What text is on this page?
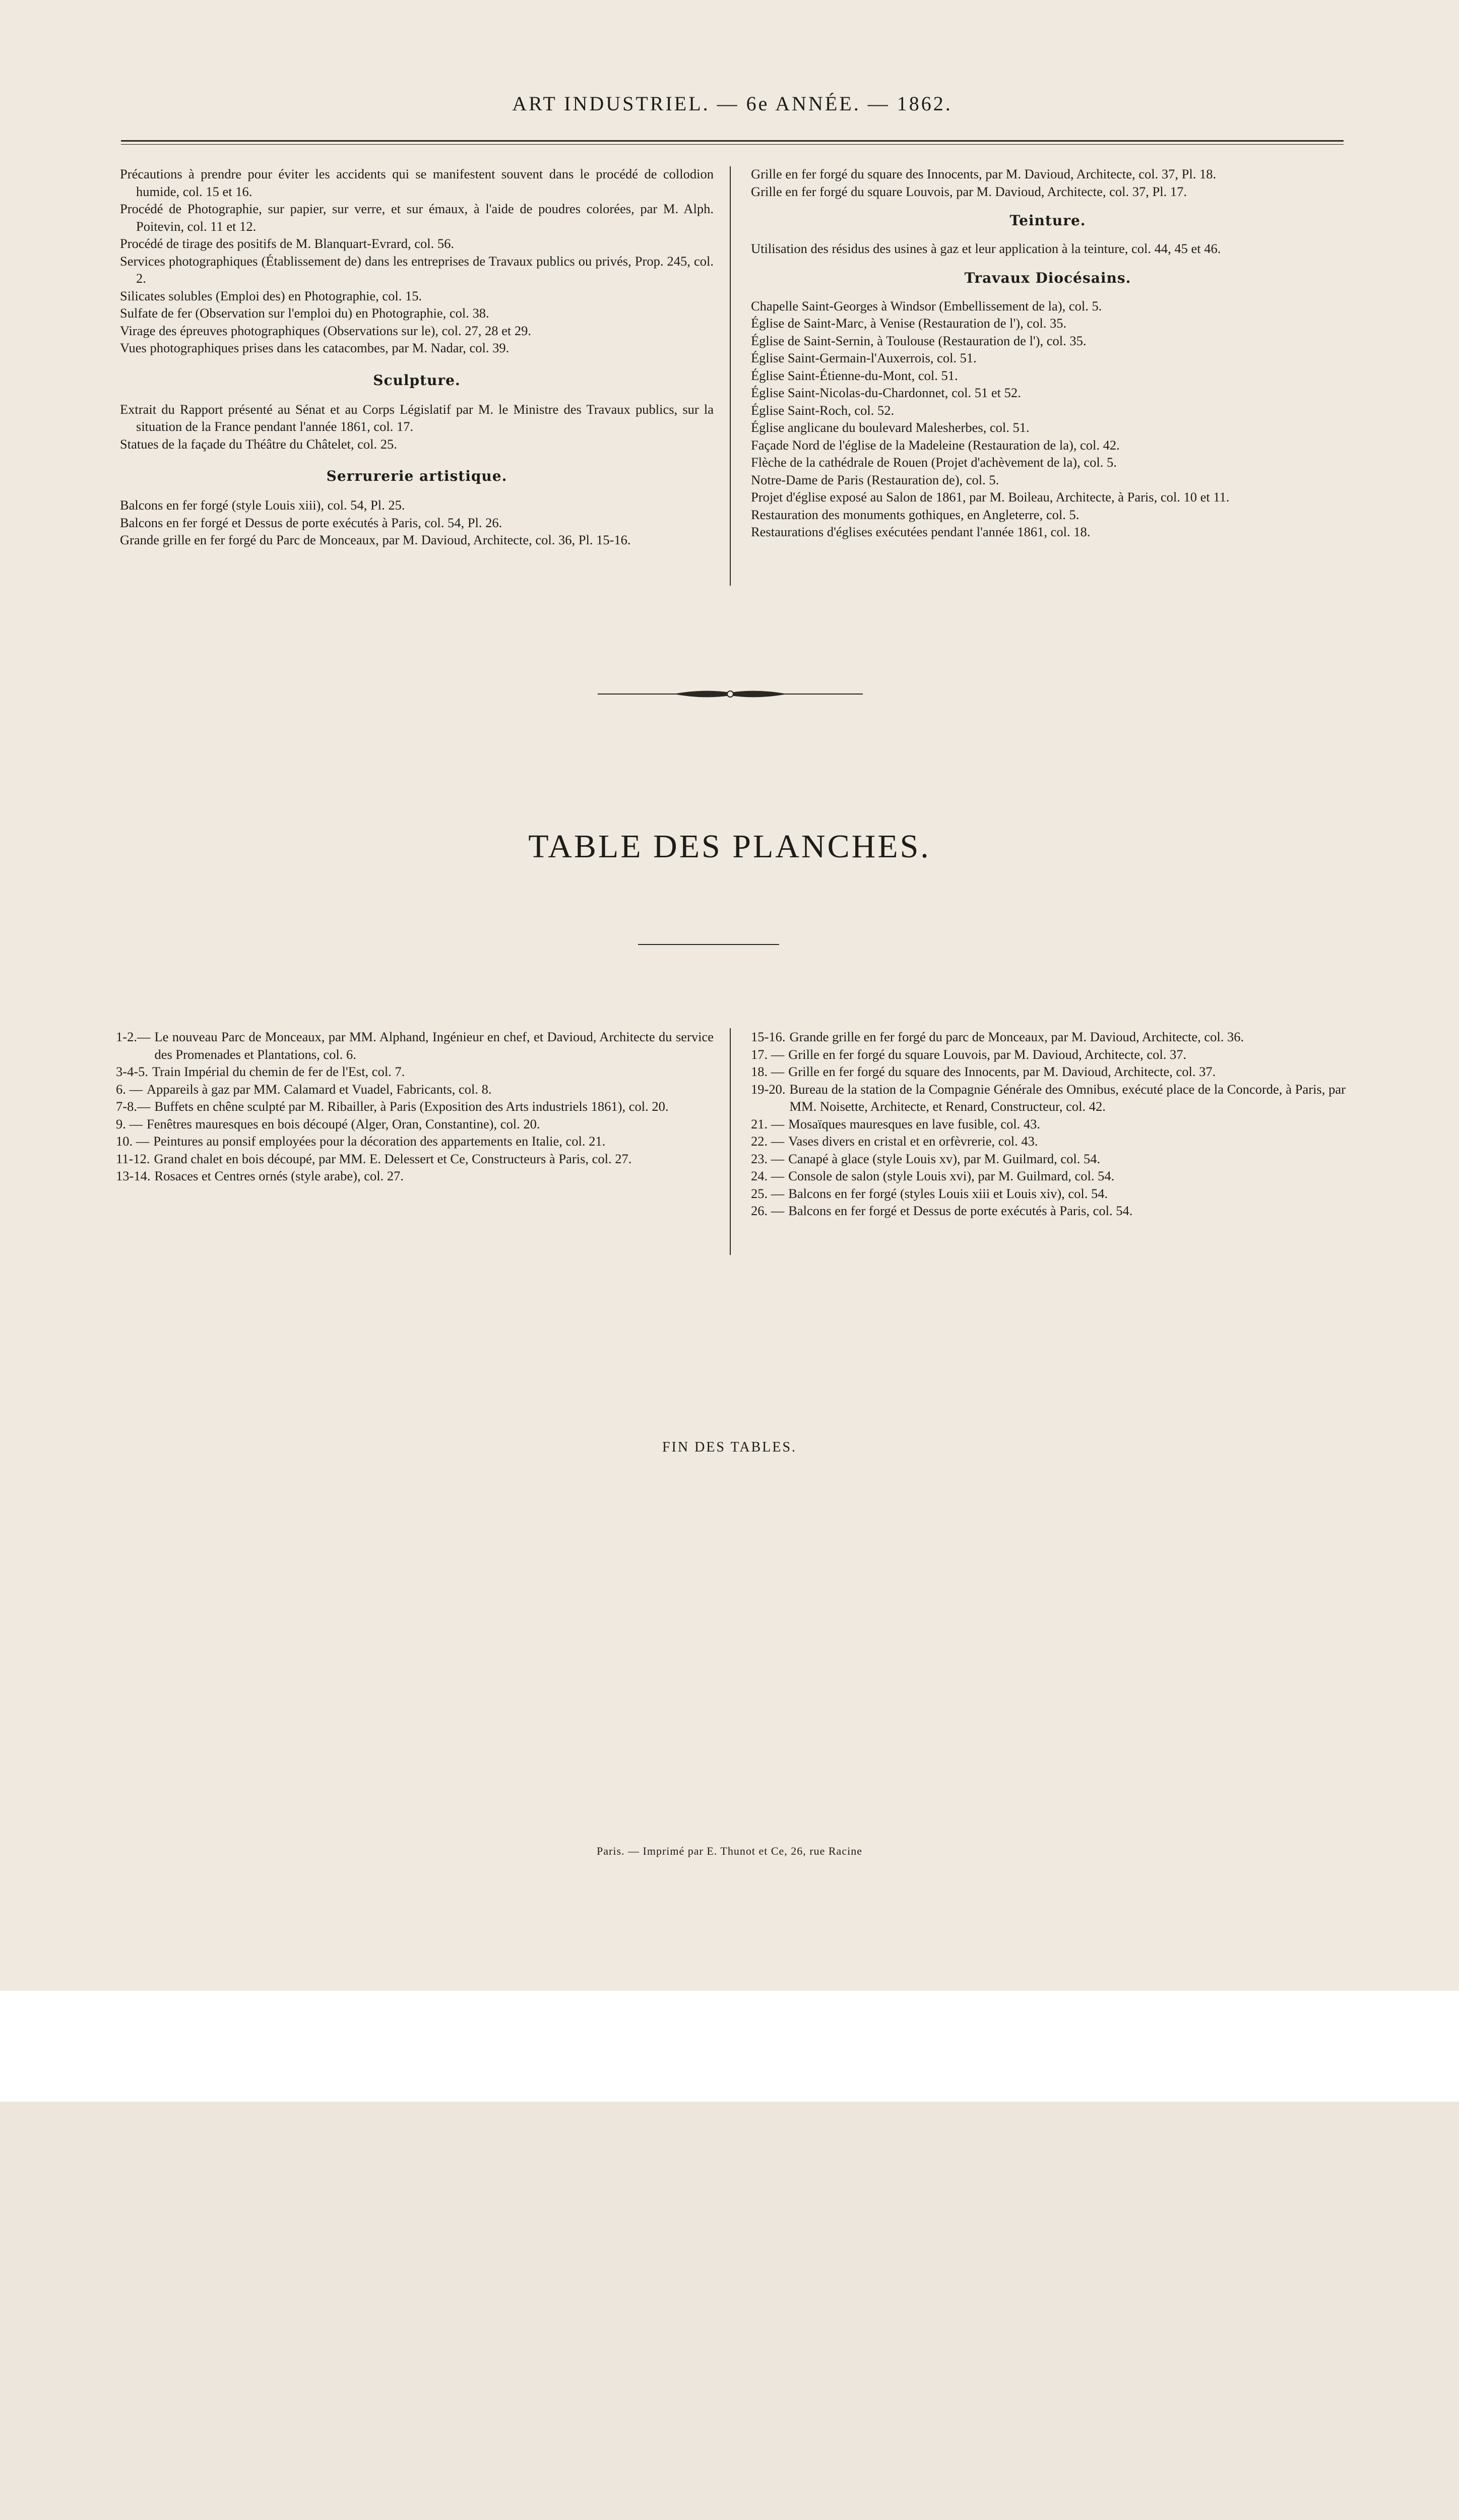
ART INDUSTRIEL. — 6e ANNÉE. — 1862.
Précautions à prendre pour éviter les accidents qui se manifestent souvent dans le procédé de collodion humide, col. 15 et 16.
Procédé de Photographie, sur papier, sur verre, et sur émaux, à l'aide de poudres colorées, par M. Alph. Poitevin, col. 11 et 12.
Procédé de tirage des positifs de M. Blanquart-Evrard, col. 56.
Services photographiques (Établissement de) dans les entreprises de Travaux publics ou privés, Prop. 245, col. 2.
Silicates solubles (Emploi des) en Photographie, col. 15.
Sulfate de fer (Observation sur l'emploi du) en Photographie, col. 38.
Virage des épreuves photographiques (Observations sur le), col. 27, 28 et 29.
Vues photographiques prises dans les catacombes, par M. Nadar, col. 39.
Sculpture.
Extrait du Rapport présenté au Sénat et au Corps Législatif par M. le Ministre des Travaux publics, sur la situation de la France pendant l'année 1861, col. 17.
Statues de la façade du Théâtre du Châtelet, col. 25.
Serrurerie artistique.
Balcons en fer forgé (style Louis xiii), col. 54, Pl. 25.
Balcons en fer forgé et Dessus de porte exécutés à Paris, col. 54, Pl. 26.
Grande grille en fer forgé du Parc de Monceaux, par M. Davioud, Architecte, col. 36, Pl. 15-16.
Grille en fer forgé du square des Innocents, par M. Davioud, Architecte, col. 37, Pl. 18.
Grille en fer forgé du square Louvois, par M. Davioud, Architecte, col. 37, Pl. 17.
Teinture.
Utilisation des résidus des usines à gaz et leur application à la teinture, col. 44, 45 et 46.
Travaux Diocésains.
Chapelle Saint-Georges à Windsor (Embellissement de la), col. 5.
Église de Saint-Marc, à Venise (Restauration de l'), col. 35.
Église de Saint-Sernin, à Toulouse (Restauration de l'), col. 35.
Église Saint-Germain-l'Auxerrois, col. 51.
Église Saint-Étienne-du-Mont, col. 51.
Église Saint-Nicolas-du-Chardonnet, col. 51 et 52.
Église Saint-Roch, col. 52.
Église anglicane du boulevard Malesherbes, col. 51.
Façade Nord de l'église de la Madeleine (Restauration de la), col. 42.
Flèche de la cathédrale de Rouen (Projet d'achèvement de la), col. 5.
Notre-Dame de Paris (Restauration de), col. 5.
Projet d'église exposé au Salon de 1861, par M. Boileau, Architecte, à Paris, col. 10 et 11.
Restauration des monuments gothiques, en Angleterre, col. 5.
Restaurations d'églises exécutées pendant l'année 1861, col. 18.
TABLE DES PLANCHES.
1-2.— Le nouveau Parc de Monceaux, par MM. Alphand, Ingénieur en chef, et Davioud, Architecte du service des Promenades et Plantations, col. 6.
3-4-5. Train Impérial du chemin de fer de l'Est, col. 7.
6. — Appareils à gaz par MM. Calamard et Vuadel, Fabricants, col. 8.
7-8.— Buffets en chêne sculpté par M. Ribailler, à Paris (Exposition des Arts industriels 1861), col. 20.
9. — Fenêtres mauresques en bois découpé (Alger, Oran, Constantine), col. 20.
10. — Peintures au ponsif employées pour la décoration des appartements en Italie, col. 21.
11-12. Grand chalet en bois découpé, par MM. E. Delessert et Ce, Constructeurs à Paris, col. 27.
13-14. Rosaces et Centres ornés (style arabe), col. 27.
15-16. Grande grille en fer forgé du parc de Monceaux, par M. Davioud, Architecte, col. 36.
17. — Grille en fer forgé du square Louvois, par M. Davioud, Architecte, col. 37.
18. — Grille en fer forgé du square des Innocents, par M. Davioud, Architecte, col. 37.
19-20. Bureau de la station de la Compagnie Générale des Omnibus, exécuté place de la Concorde, à Paris, par MM. Noisette, Architecte, et Renard, Constructeur, col. 42.
21. — Mosaïques mauresques en lave fusible, col. 43.
22. — Vases divers en cristal et en orfèvrerie, col. 43.
23. — Canapé à glace (style Louis xv), par M. Guilmard, col. 54.
24. — Console de salon (style Louis xvi), par M. Guilmard, col. 54.
25. — Balcons en fer forgé (styles Louis xiii et Louis xiv), col. 54.
26. — Balcons en fer forgé et Dessus de porte exécutés à Paris, col. 54.
FIN DES TABLES.
Paris. — Imprimé par E. Thunot et Ce, 26, rue Racine
